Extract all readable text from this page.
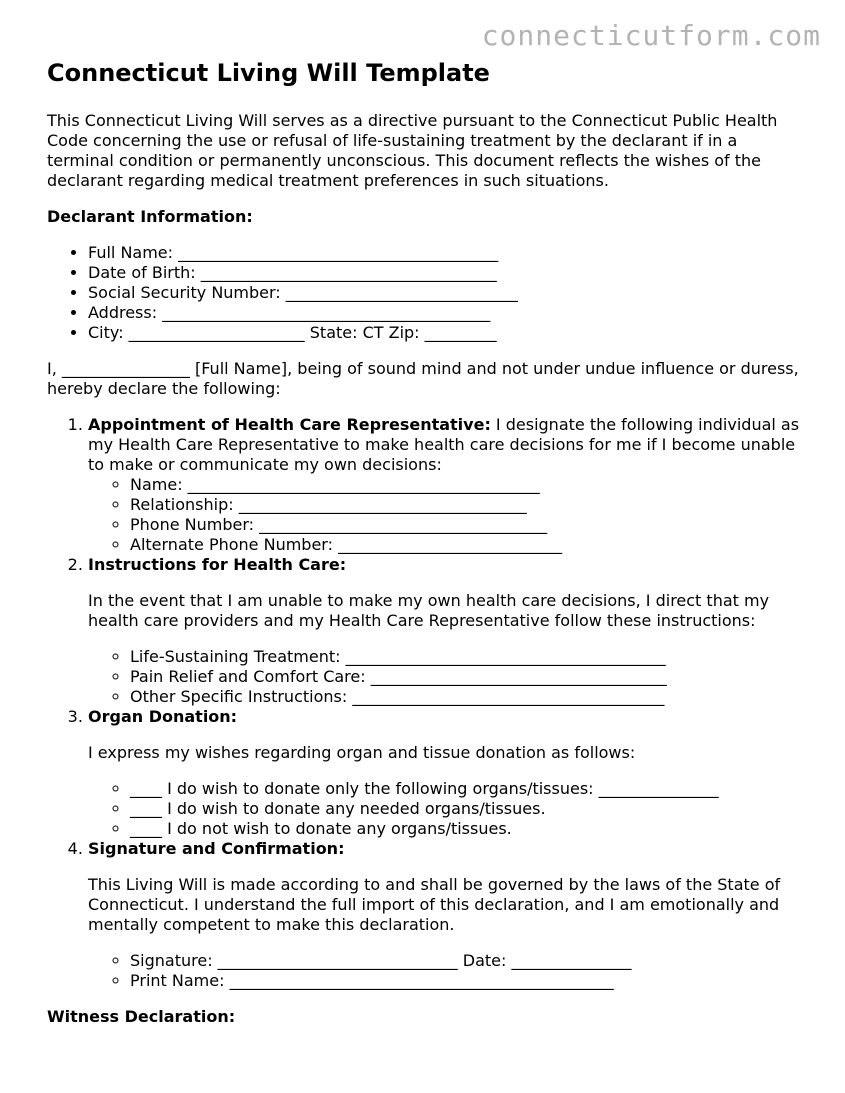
connecticutform.com
Connecticut Living Will Template

This Connecticut Living Will serves as a directive pursuant to the Connecticut Public Health Code concerning the use or refusal of life-sustaining treatment by the declarant if in a terminal condition or permanently unconscious. This document reflects the wishes of the declarant regarding medical treatment preferences in such situations.

Declarant Information:

• Full Name: ________________________________________
• Date of Birth: _____________________________________
• Social Security Number: _____________________________
• Address: _________________________________________
• City: ______________________ State: CT Zip: _________

I, ________________ [Full Name], being of sound mind and not under undue influence or duress, hereby declare the following:

1. Appointment of Health Care Representative: I designate the following individual as my Health Care Representative to make health care decisions for me if I become unable to make or communicate my own decisions:
◦ Name: ____________________________________________
◦ Relationship: ____________________________________
◦ Phone Number: ____________________________________
◦ Alternate Phone Number: ____________________________
2. Instructions for Health Care:

In the event that I am unable to make my own health care decisions, I direct that my health care providers and my Health Care Representative follow these instructions:

◦ Life-Sustaining Treatment: ________________________________________
◦ Pain Relief and Comfort Care: _____________________________________
◦ Other Specific Instructions: _______________________________________
3. Organ Donation:

I express my wishes regarding organ and tissue donation as follows:

◦ ____ I do wish to donate only the following organs/tissues: _______________
◦ ____ I do wish to donate any needed organs/tissues.
◦ ____ I do not wish to donate any organs/tissues.
4. Signature and Confirmation:

This Living Will is made according to and shall be governed by the laws of the State of Connecticut. I understand the full import of this declaration, and I am emotionally and mentally competent to make this declaration.

◦ Signature: ______________________________ Date: _______________
◦ Print Name: ________________________________________________

Witness Declaration:
